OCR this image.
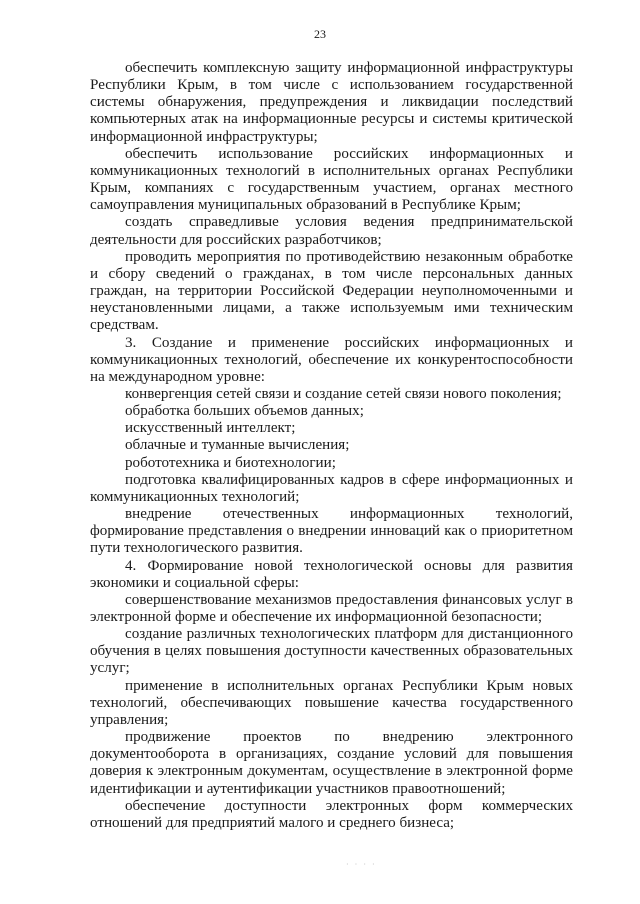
23

обеспечить комплексную защиту информационной инфраструктуры Республики Крым, в том числе с использованием государственной системы обнаружения, предупреждения и ликвидации последствий компьютерных атак на информационные ресурсы и системы критической информационной инфраструктуры;

обеспечить использование российских информационных и коммуникационных технологий в исполнительных органах Республики Крым, компаниях с государственным участием, органах местного самоуправления муниципальных образований в Республике Крым;

создать справедливые условия ведения предпринимательской деятельности для российских разработчиков;

проводить мероприятия по противодействию незаконным обработке и сбору сведений о гражданах, в том числе персональных данных граждан, на территории Российской Федерации неуполномоченными и неустановленными лицами, а также используемым ими техническим средствам.

3. Создание и применение российских информационных и коммуникационных технологий, обеспечение их конкурентоспособности на международном уровне:

конвергенция сетей связи и создание сетей связи нового поколения;

обработка больших объемов данных;

искусственный интеллект;

облачные и туманные вычисления;

робототехника и биотехнологии;

подготовка квалифицированных кадров в сфере информационных и коммуникационных технологий;

внедрение отечественных информационных технологий, формирование представления о внедрении инноваций как о приоритетном пути технологического развития.

4. Формирование новой технологической основы для развития экономики и социальной сферы:

совершенствование механизмов предоставления финансовых услуг в электронной форме и обеспечение их информационной безопасности;

создание различных технологических платформ для дистанционного обучения в целях повышения доступности качественных образовательных услуг;

применение в исполнительных органах Республики Крым новых технологий, обеспечивающих повышение качества государственного управления;

продвижение проектов по внедрению электронного документооборота в организациях, создание условий для повышения доверия к электронным документам, осуществление в электронной форме идентификации и аутентификации участников правоотношений;

обеспечение доступности электронных форм коммерческих отношений для предприятий малого и среднего бизнеса;

· · · ·
